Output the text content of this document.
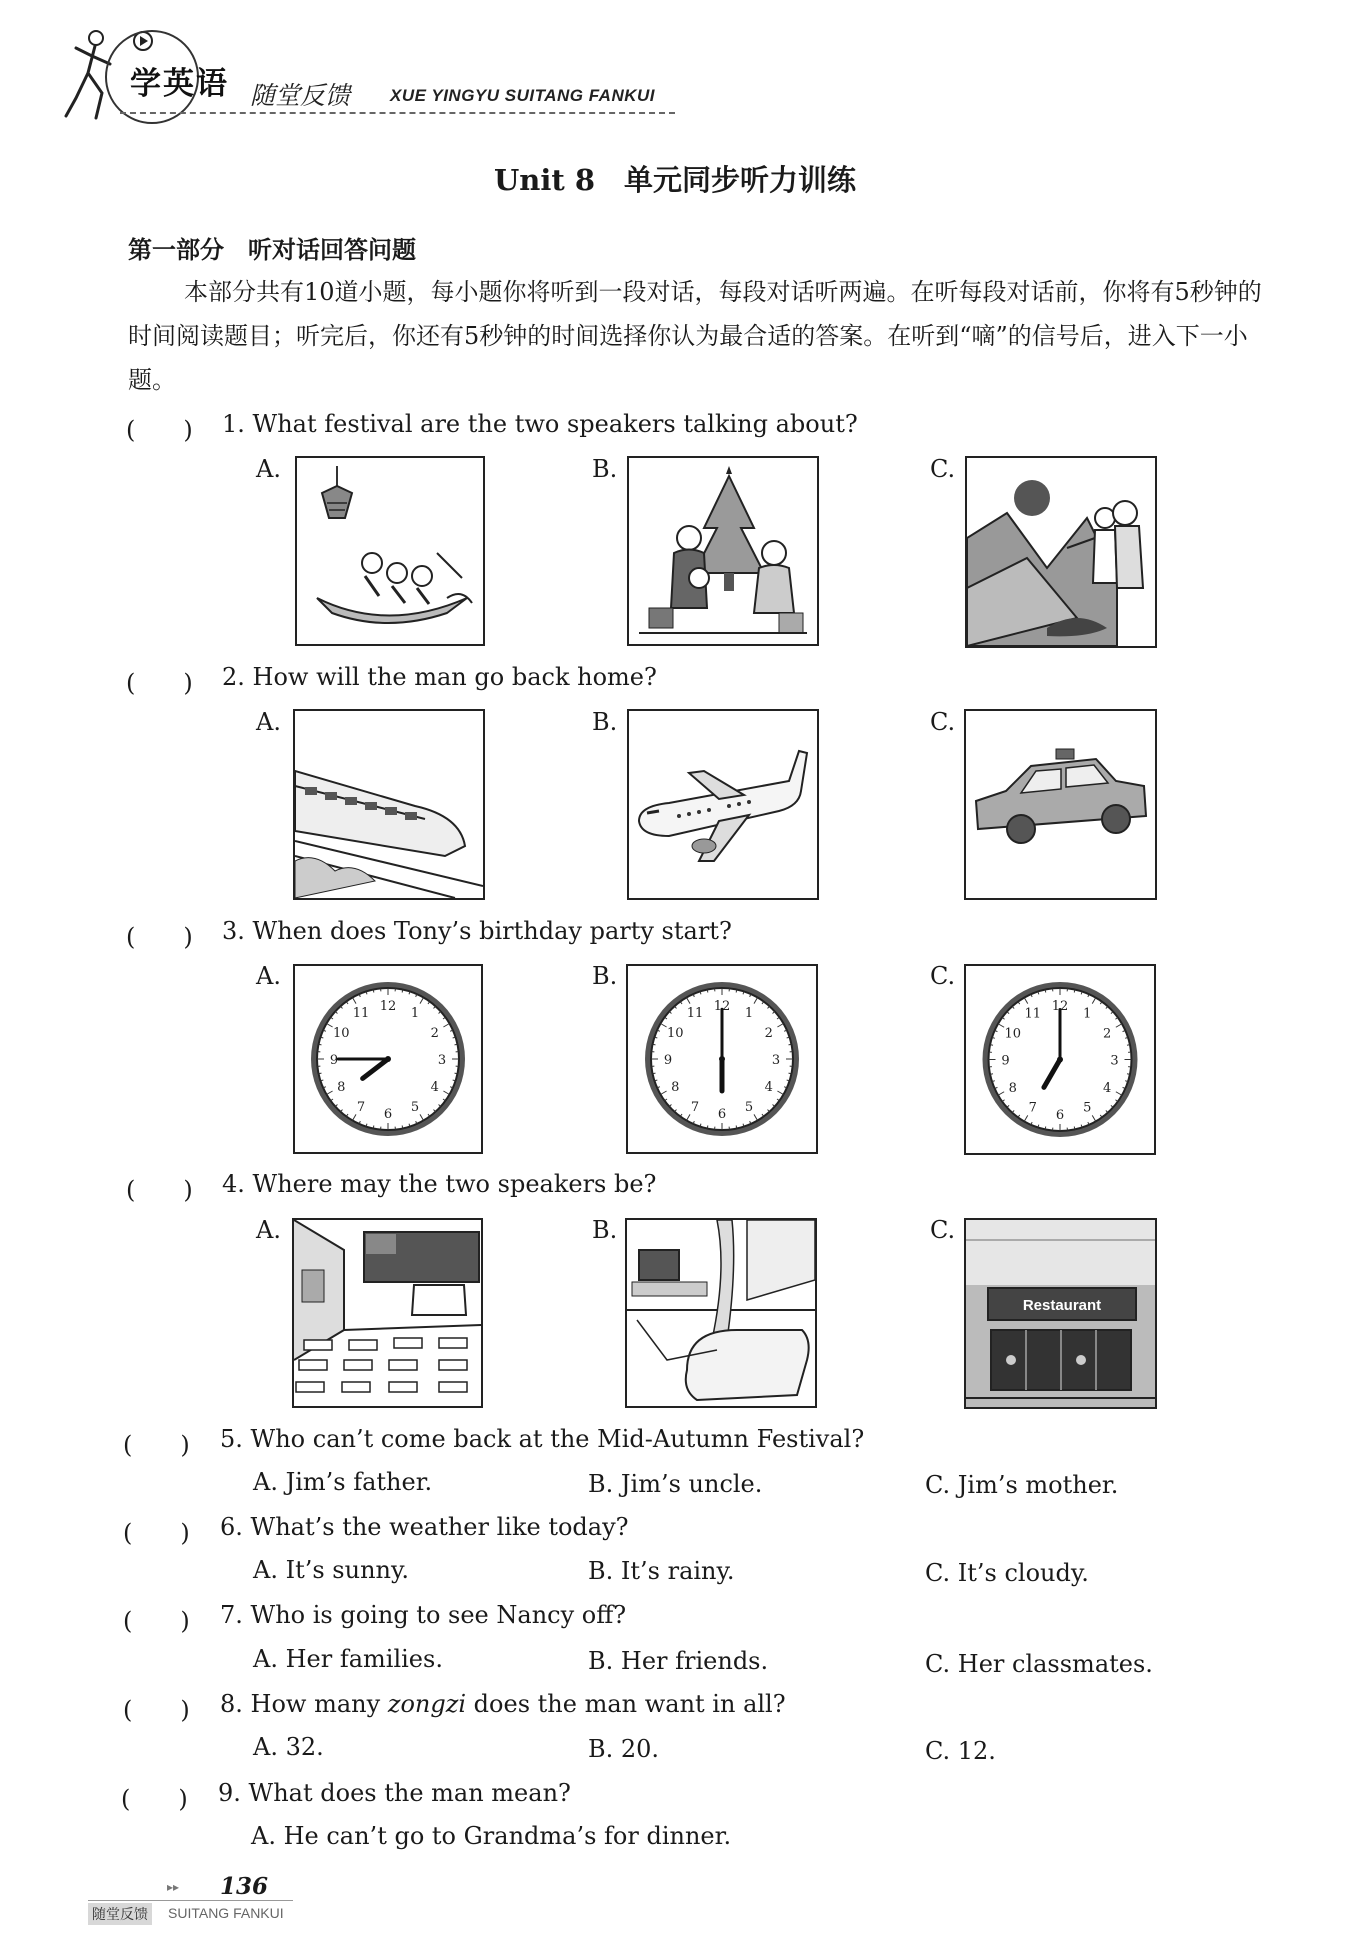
学英语 随堂反馈 XUE YINGYU SUITANG FANKUI
Unit 8　单元同步听力训练
第一部分　听对话回答问题
本部分共有10道小题，每小题你将听到一段对话，每段对话听两遍。在听每段对话前，你将有5秒钟的时间阅读题目；听完后，你还有5秒钟的时间选择你认为最合适的答案。在听到“嘀”的信号后，进入下一小题。
(　　) 1. What festival are the two speakers talking about?
A.	B.	C.
(　　) 2. How will the man go back home?
A.	B.	C.
(　　) 3. When does Tony’s birthday party start?
A.	B.	C.
12 1
2
3
4
5
6
7
8
9
10
11	12 1
2
3
4
5
6
7
8
9
10
11	12 1
2
3
4
5
6
7
8
9
10
11
(　　) 4. Where may the two speakers be?
A.	B.	C.
Restaurant
(　　) 5. Who can’t come back at the Mid-Autumn Festival?
A. Jim’s father.	B. Jim’s uncle.	C. Jim’s mother.
(　　) 6. What’s the weather like today?
A. It’s sunny.	B. It’s rainy.	C. It’s cloudy.
(　　) 7. Who is going to see Nancy off?
A. Her families.	B. Her friends.	C. Her classmates.
(　　) 8. How many zongzi does the man want in all?
A. 32.	B. 20.	C. 12.
(　　) 9. What does the man mean?
A. He can’t go to Grandma’s for dinner.
▸▸ 136
随堂反馈 SUITANG FANKUI
